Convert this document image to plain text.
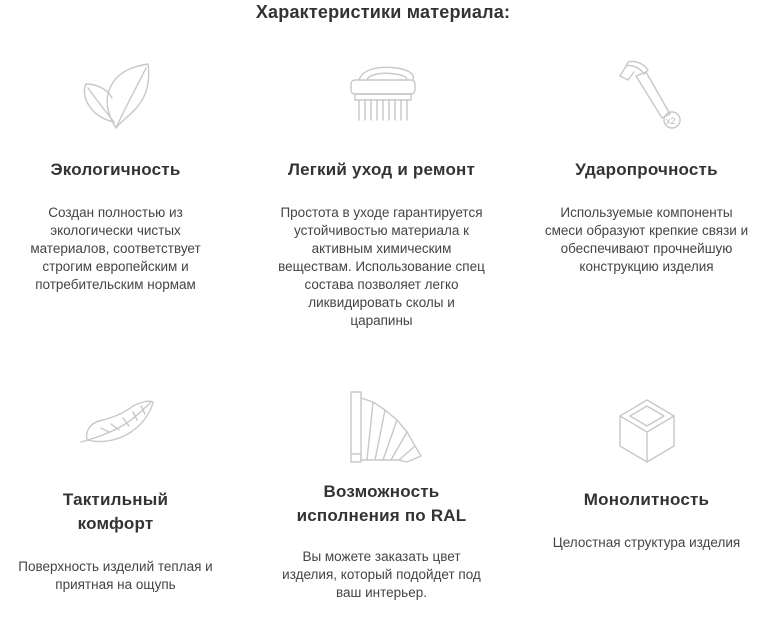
Характеристики материала:
Экологичность
Создан полностью из
экологически чистых
материалов, соответствует
строгим европейским и
потребительским нормам
Легкий уход и ремонт
Простота в уходе гарантируется
устойчивостью материала к
активным химическим
веществам. Использование спец
состава позволяет легко
ликвидировать сколы и
царапины
x2
Ударопрочность
Используемые компоненты
смеси образуют крепкие связи и
обеспечивают прочнейшую
конструкцию изделия
Тактильный
комфорт
Поверхность изделий теплая и
приятная на ощупь
Возможность
исполнения по RAL
Вы можете заказать цвет
изделия, который подойдет под
ваш интерьер.
Монолитность
Целостная структура изделия
